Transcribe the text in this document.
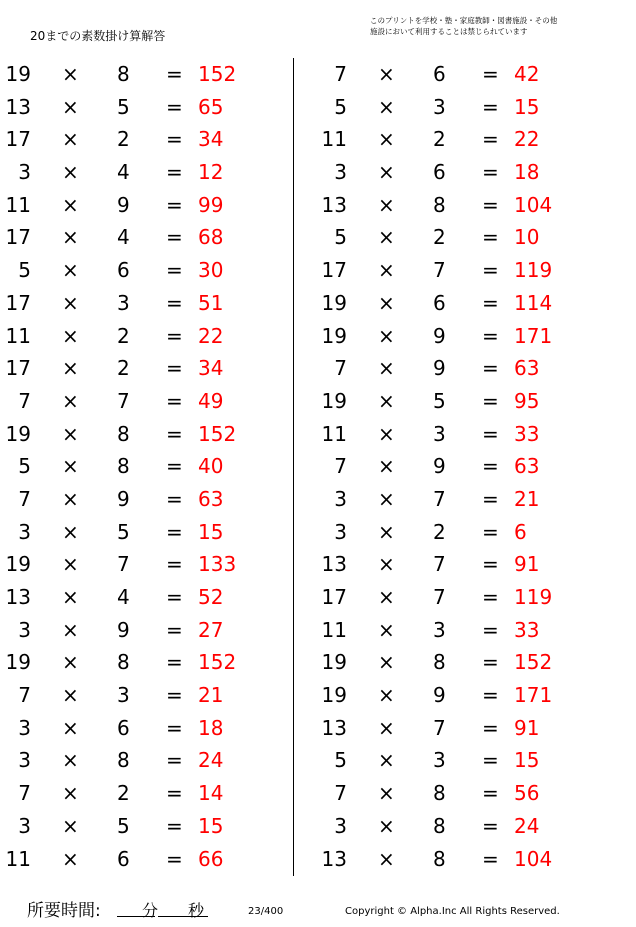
20までの素数掛け算解答
このプリントを学校・塾・家庭教師・図書施設・その他
施設において利用することは禁じられています
19 × 8 = 152
13 × 5 = 65
17 × 2 = 34
3 × 4 = 12
11 × 9 = 99
17 × 4 = 68
5 × 6 = 30
17 × 3 = 51
11 × 2 = 22
17 × 2 = 34
7 × 7 = 49
19 × 8 = 152
5 × 8 = 40
7 × 9 = 63
3 × 5 = 15
19 × 7 = 133
13 × 4 = 52
3 × 9 = 27
19 × 8 = 152
7 × 3 = 21
3 × 6 = 18
3 × 8 = 24
7 × 2 = 14
3 × 5 = 15
11 × 6 = 66
7 × 6 = 42
5 × 3 = 15
11 × 2 = 22
3 × 6 = 18
13 × 8 = 104
5 × 2 = 10
17 × 7 = 119
19 × 6 = 114
19 × 9 = 171
7 × 9 = 63
19 × 5 = 95
11 × 3 = 33
7 × 9 = 63
3 × 7 = 21
3 × 2 = 6
13 × 7 = 91
17 × 7 = 119
11 × 3 = 33
19 × 8 = 152
19 × 9 = 171
13 × 7 = 91
5 × 3 = 15
7 × 8 = 56
3 × 8 = 24
13 × 8 = 104
所要時間:	分 秒	23/400	Copyright © Alpha.Inc All Rights Reserved.
